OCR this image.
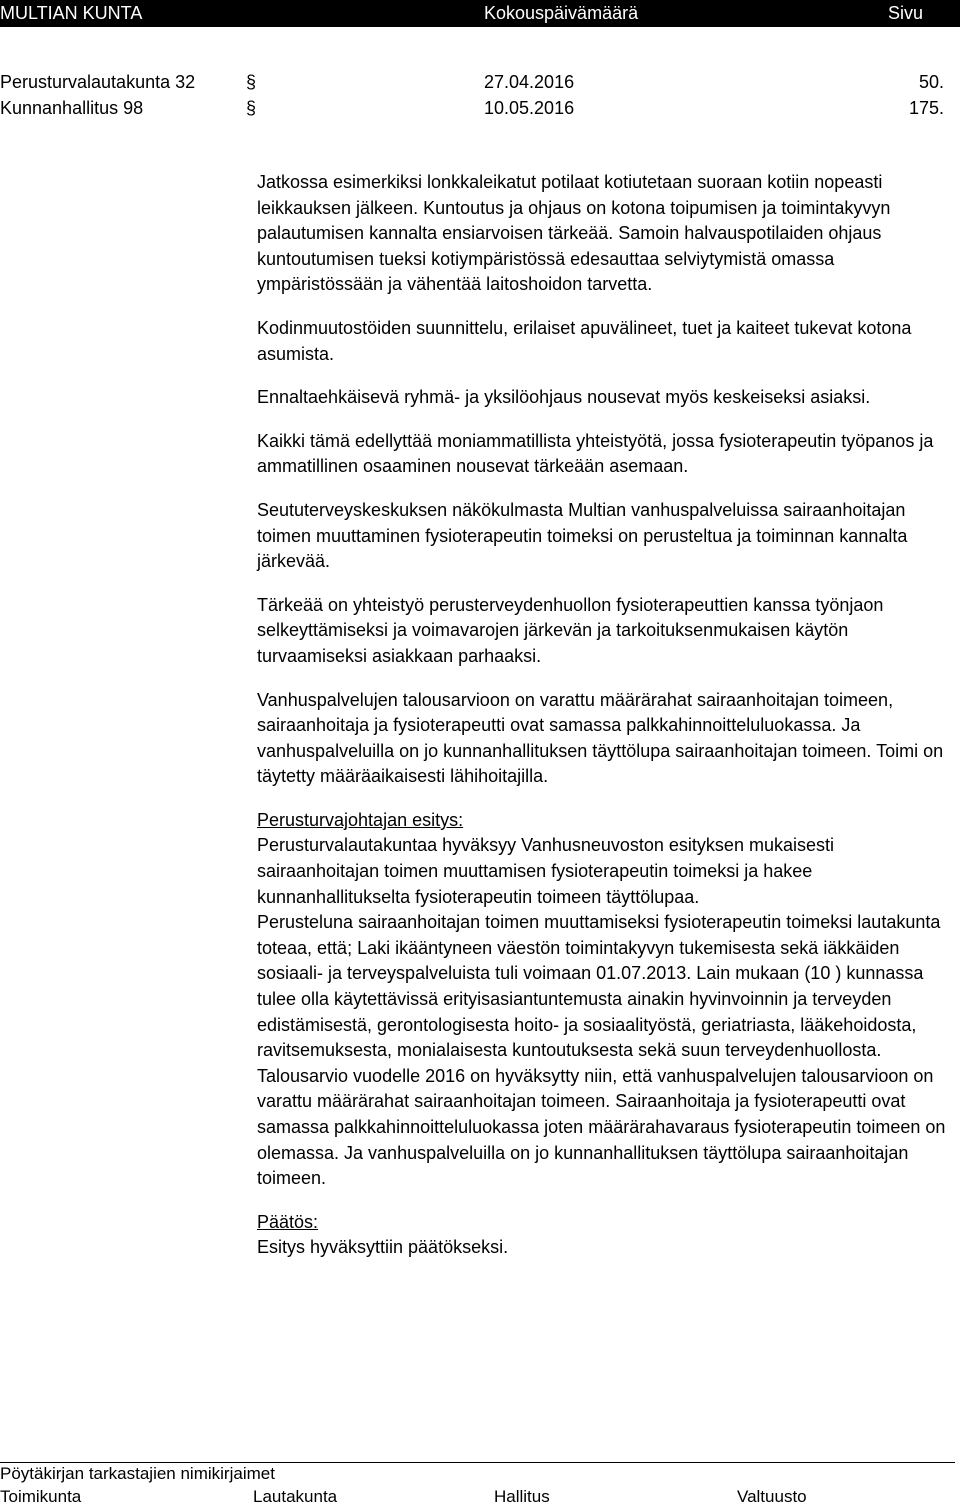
MULTIAN KUNTA	Kokouspäivämäärä	Sivu
Perusturvalautakunta 32	§	27.04.2016	50.
Kunnanhallitus 98	§	10.05.2016	175.

Jatkossa esimerkiksi lonkkaleikatut potilaat kotiutetaan suoraan kotiin nopeasti leikkauksen jälkeen. Kuntoutus ja ohjaus on kotona toipumisen ja toimintakyvyn palautumisen kannalta ensiarvoisen tärkeää. Samoin halvauspotilaiden ohjaus kuntoutumisen tueksi kotiympäristössä edesauttaa selviytymistä omassa ympäristössään ja vähentää laitoshoidon tarvetta.

Kodinmuutostöiden suunnittelu, erilaiset apuvälineet, tuet ja kaiteet tukevat kotona asumista.

Ennaltaehkäisevä ryhmä- ja yksilöohjaus nousevat myös keskeiseksi asiaksi.

Kaikki tämä edellyttää moniammatillista yhteistyötä, jossa fysioterapeutin työpanos ja ammatillinen osaaminen nousevat tärkeään asemaan.

Seututerveyskeskuksen näkökulmasta Multian vanhuspalveluissa sairaanhoitajan toimen muuttaminen fysioterapeutin toimeksi on perusteltua ja toiminnan kannalta järkevää.

Tärkeää on yhteistyö perusterveydenhuollon fysioterapeuttien kanssa työnjaon selkeyttämiseksi ja voimavarojen järkevän ja tarkoituksenmukaisen käytön turvaamiseksi asiakkaan parhaaksi.

Vanhuspalvelujen talousarvioon on varattu määrärahat sairaanhoitajan toimeen, sairaanhoitaja ja fysioterapeutti ovat samassa palkkahinnoitteluluokassa. Ja vanhuspalveluilla on jo kunnanhallituksen täyttölupa sairaanhoitajan toimeen. Toimi on täytetty määräaikaisesti lähihoitajilla.

Perusturvajohtajan esitys:

Perusturvalautakuntaa hyväksyy Vanhusneuvoston esityksen mukaisesti sairaanhoitajan toimen muuttamisen fysioterapeutin toimeksi ja hakee kunnanhallitukselta fysioterapeutin toimeen täyttölupaa.

Perusteluna sairaanhoitajan toimen muuttamiseksi fysioterapeutin toimeksi lautakunta toteaa, että; Laki ikääntyneen väestön toimintakyvyn tukemisesta sekä iäkkäiden sosiaali- ja terveyspalveluista tuli voimaan 01.07.2013. Lain mukaan (10 ) kunnassa tulee olla käytettävissä erityisasiantuntemusta ainakin hyvinvoinnin ja terveyden edistämisestä, gerontologisesta hoito- ja sosiaalityöstä, geriatriasta, lääkehoidosta, ravitsemuksesta, monialaisesta kuntoutuksesta sekä suun terveydenhuollosta. Talousarvio vuodelle 2016 on hyväksytty niin, että vanhuspalvelujen talousarvioon on varattu määrärahat sairaanhoitajan toimeen. Sairaanhoitaja ja fysioterapeutti ovat samassa palkkahinnoitteluluokassa joten määrärahavaraus fysioterapeutin toimeen on olemassa. Ja vanhuspalveluilla on jo kunnanhallituksen täyttölupa sairaanhoitajan toimeen.

Päätös:

Esitys hyväksyttiin päätökseksi.

Pöytäkirjan tarkastajien nimikirjaimet
Toimikunta	Lautakunta	Hallitus	Valtuusto
